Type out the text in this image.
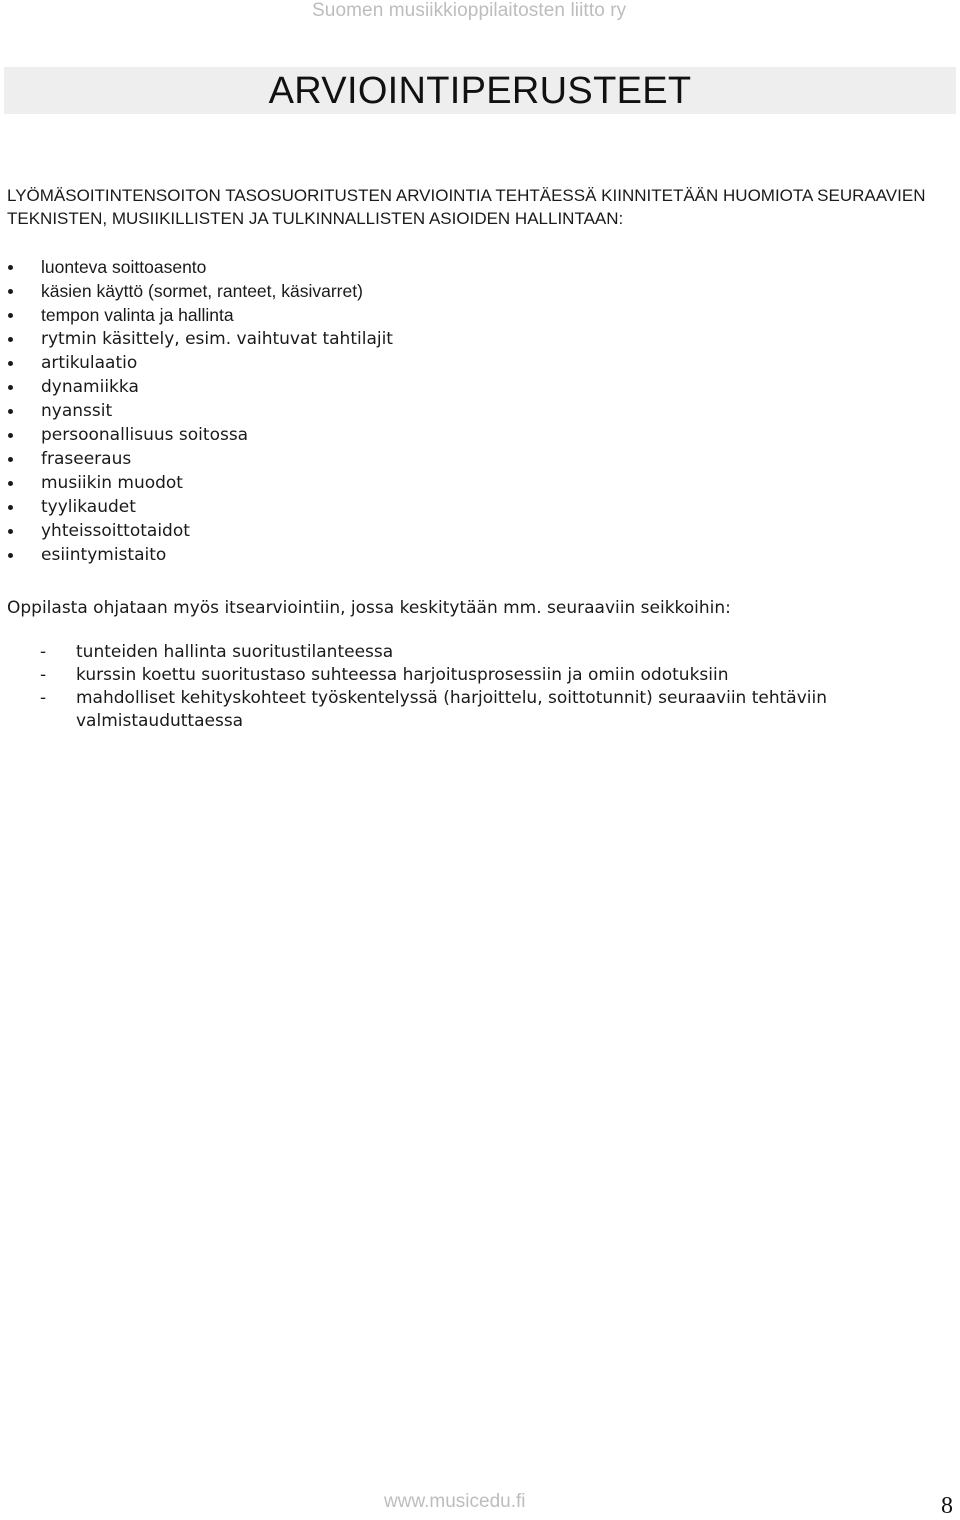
Suomen musiikkioppilaitosten liitto ry
ARVIOINTIPERUSTEET

LYÖMÄSOITINTENSOITON TASOSUORITUSTEN ARVIOINTIA TEHTÄESSÄ KIINNITETÄÄN HUOMIOTA SEURAAVIEN TEKNISTEN, MUSIIKILLISTEN JA TULKINNALLISTEN ASIOIDEN HALLINTAAN:

luonteva soittoasento
käsien käyttö (sormet, ranteet, käsivarret)
tempon valinta ja hallinta
rytmin käsittely, esim. vaihtuvat tahtilajit
artikulaatio
dynamiikka
nyanssit
persoonallisuus soitossa
fraseeraus
musiikin muodot
tyylikaudet
yhteissoittotaidot
esiintymistaito

Oppilasta ohjataan myös itsearviointiin, jossa keskitytään mm. seuraaviin seikkoihin:

- tunteiden hallinta suoritustilanteessa
- kurssin koettu suoritustaso suhteessa harjoitusprosessiin ja omiin odotuksiin
- mahdolliset kehityskohteet työskentelyssä (harjoittelu, soittotunnit) seuraaviin tehtäviin valmistauduttaessa
www.musicedu.fi	8
